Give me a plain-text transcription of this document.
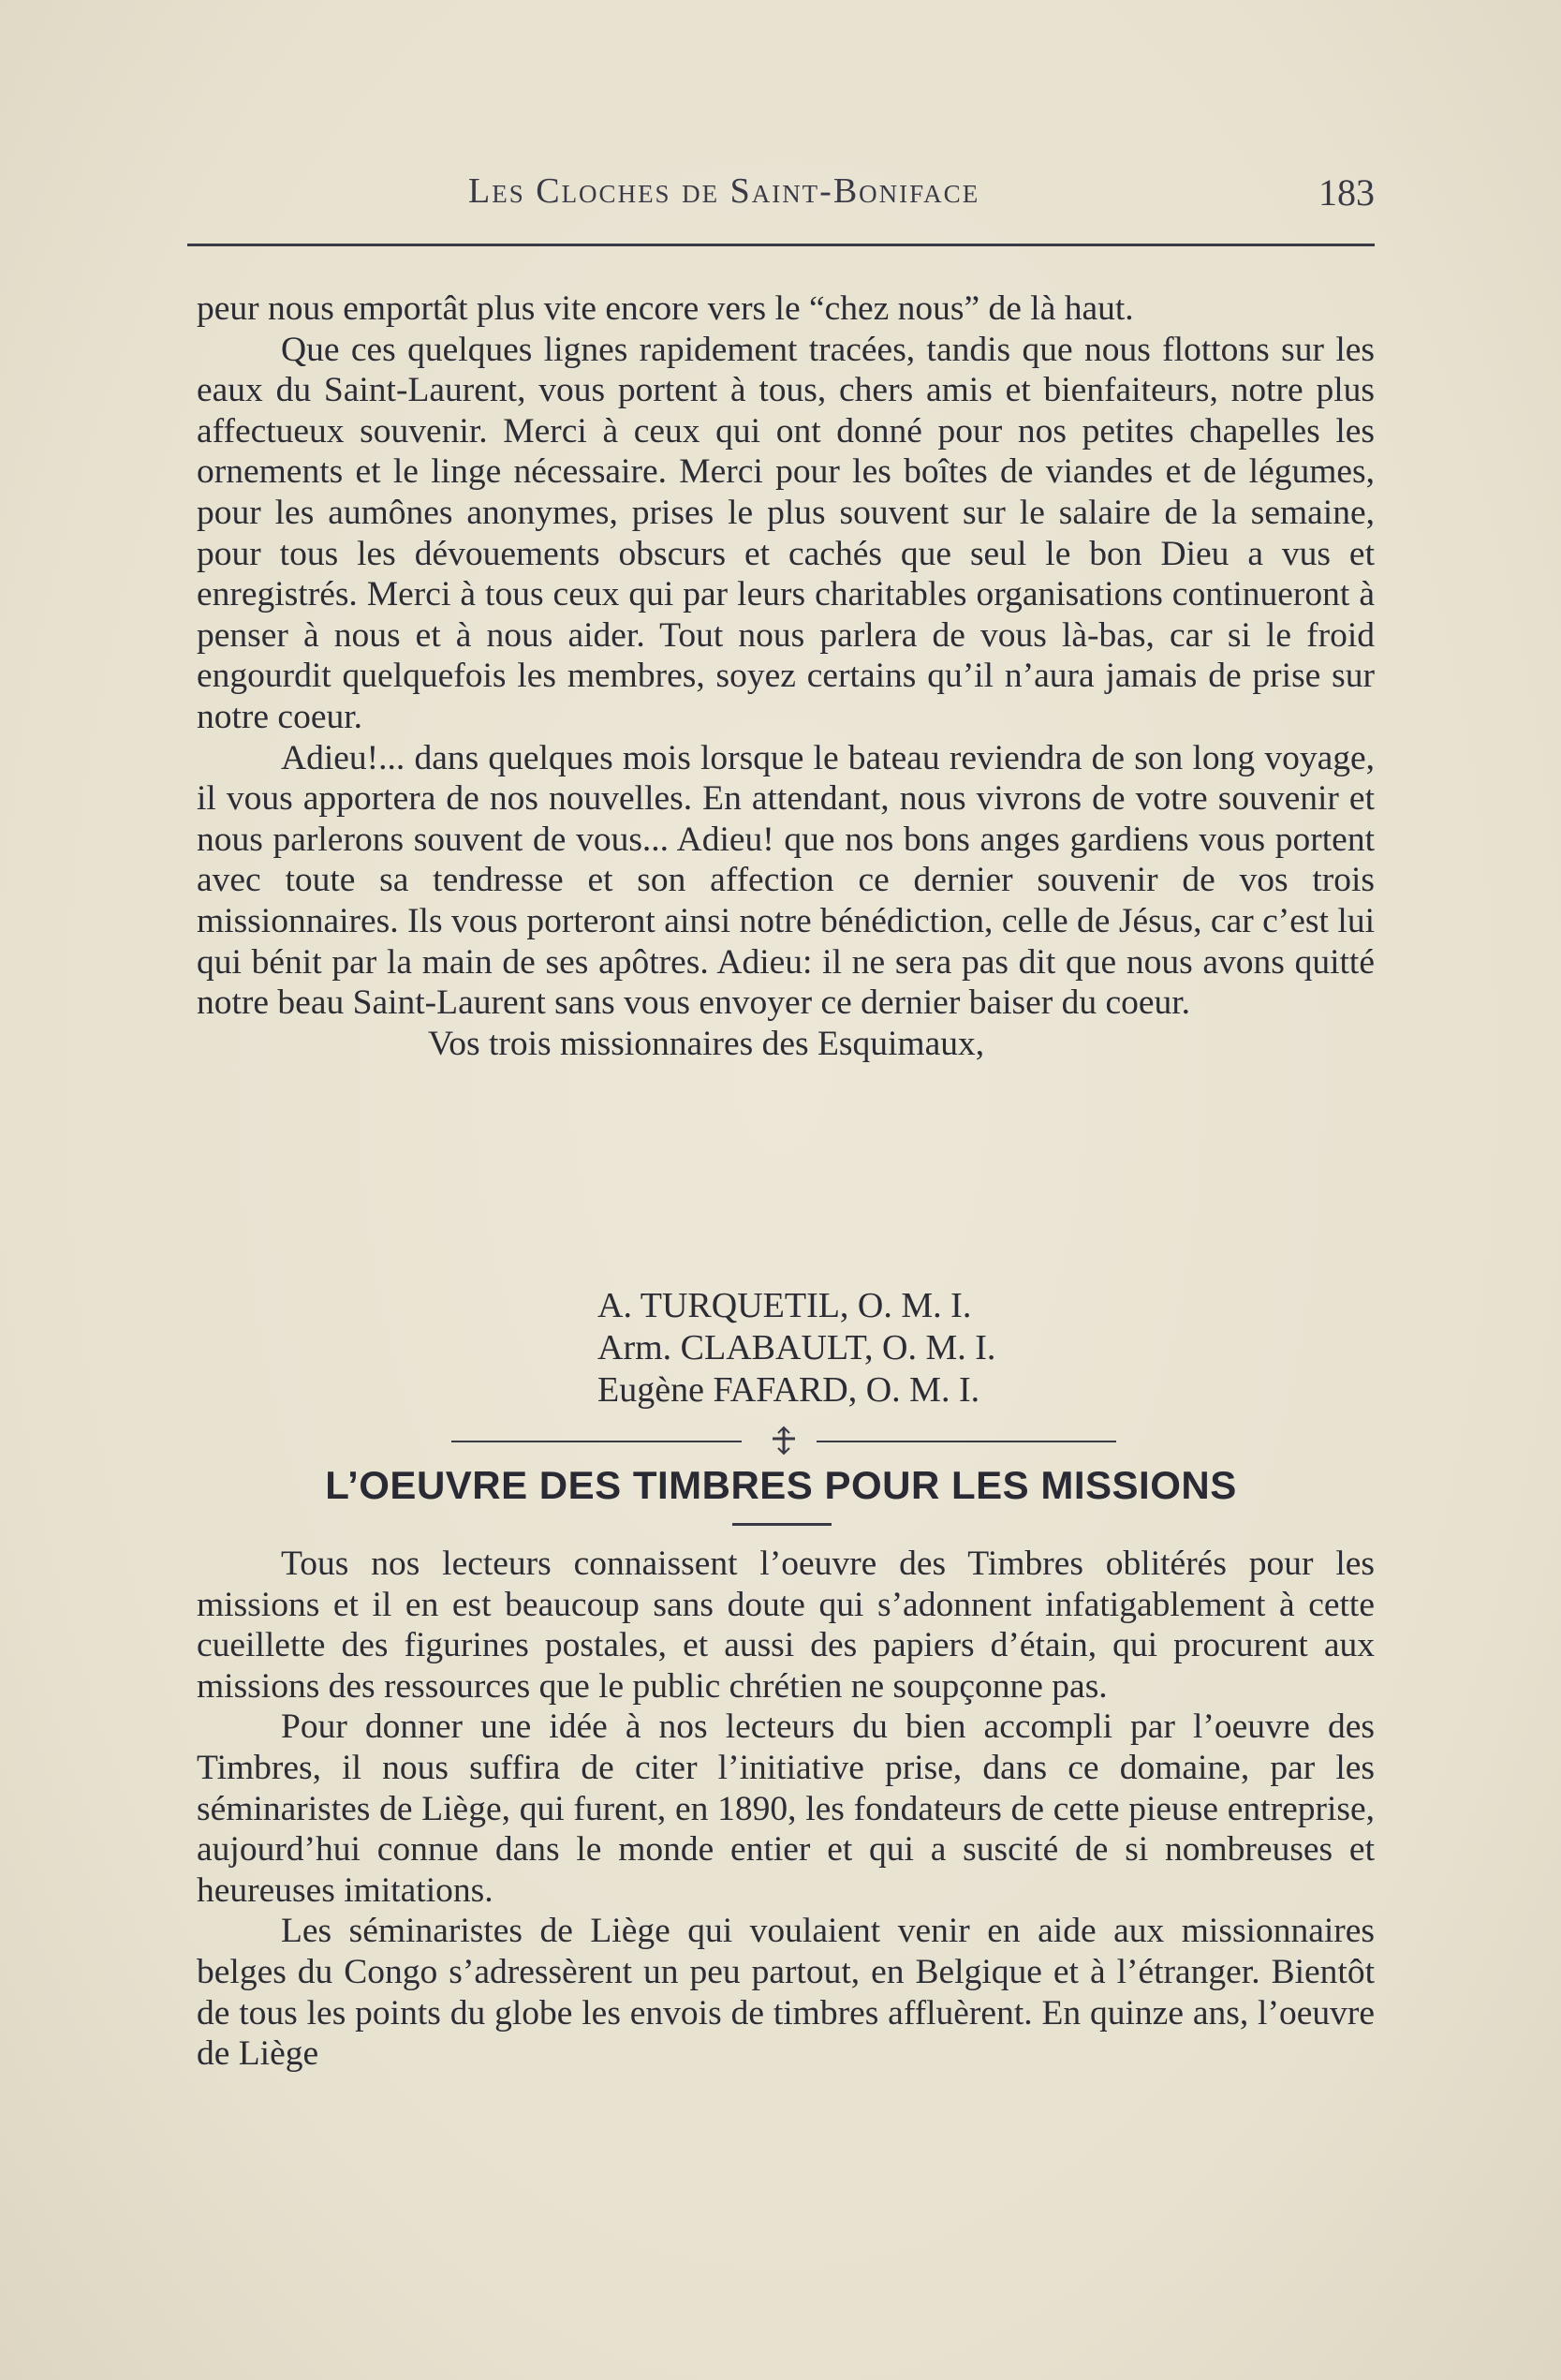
Les Cloches de Saint-Boniface	183

peur nous emportât plus vite encore vers le “chez nous” de là haut.

Que ces quelques lignes rapidement tracées, tandis que nous flottons sur les eaux du Saint-Laurent, vous portent à tous, chers amis et bienfaiteurs, notre plus affectueux souvenir. Merci à ceux qui ont donné pour nos petites chapelles les ornements et le linge nécessaire. Merci pour les boîtes de viandes et de légumes, pour les aumônes anonymes, prises le plus souvent sur le salaire de la semaine, pour tous les dévouements obscurs et cachés que seul le bon Dieu a vus et enregistrés. Merci à tous ceux qui par leurs charitables organisations continueront à penser à nous et à nous aider. Tout nous parlera de vous là-bas, car si le froid engourdit quelquefois les membres, soyez certains qu’il n’aura jamais de prise sur notre coeur.

Adieu!... dans quelques mois lorsque le bateau reviendra de son long voyage, il vous apportera de nos nouvelles. En attendant, nous vivrons de votre souvenir et nous parlerons souvent de vous... Adieu! que nos bons anges gardiens vous portent avec toute sa tendresse et son affection ce dernier souvenir de vos trois missionnaires. Ils vous porteront ainsi notre bénédiction, celle de Jésus, car c’est lui qui bénit par la main de ses apôtres. Adieu: il ne sera pas dit que nous avons quitté notre beau Saint-Laurent sans vous envoyer ce dernier baiser du coeur.

Vos trois missionnaires des Esquimaux,

A. TURQUETIL, O. M. I.
Arm. CLABAULT, O. M. I.
Eugène FAFARD, O. M. I.
L’OEUVRE DES TIMBRES POUR LES MISSIONS

Tous nos lecteurs connaissent l’oeuvre des Timbres oblitérés pour les missions et il en est beaucoup sans doute qui s’adonnent infatigablement à cette cueillette des figurines postales, et aussi des papiers d’étain, qui procurent aux missions des ressources que le public chrétien ne soupçonne pas.

Pour donner une idée à nos lecteurs du bien accompli par l’oeuvre des Timbres, il nous suffira de citer l’initiative prise, dans ce domaine, par les séminaristes de Liège, qui furent, en 1890, les fondateurs de cette pieuse entreprise, aujourd’hui connue dans le monde entier et qui a suscité de si nombreuses et heureuses imitations.

Les séminaristes de Liège qui voulaient venir en aide aux missionnaires belges du Congo s’adressèrent un peu partout, en Belgique et à l’étranger. Bientôt de tous les points du globe les envois de timbres affluèrent. En quinze ans, l’oeuvre de Liège
